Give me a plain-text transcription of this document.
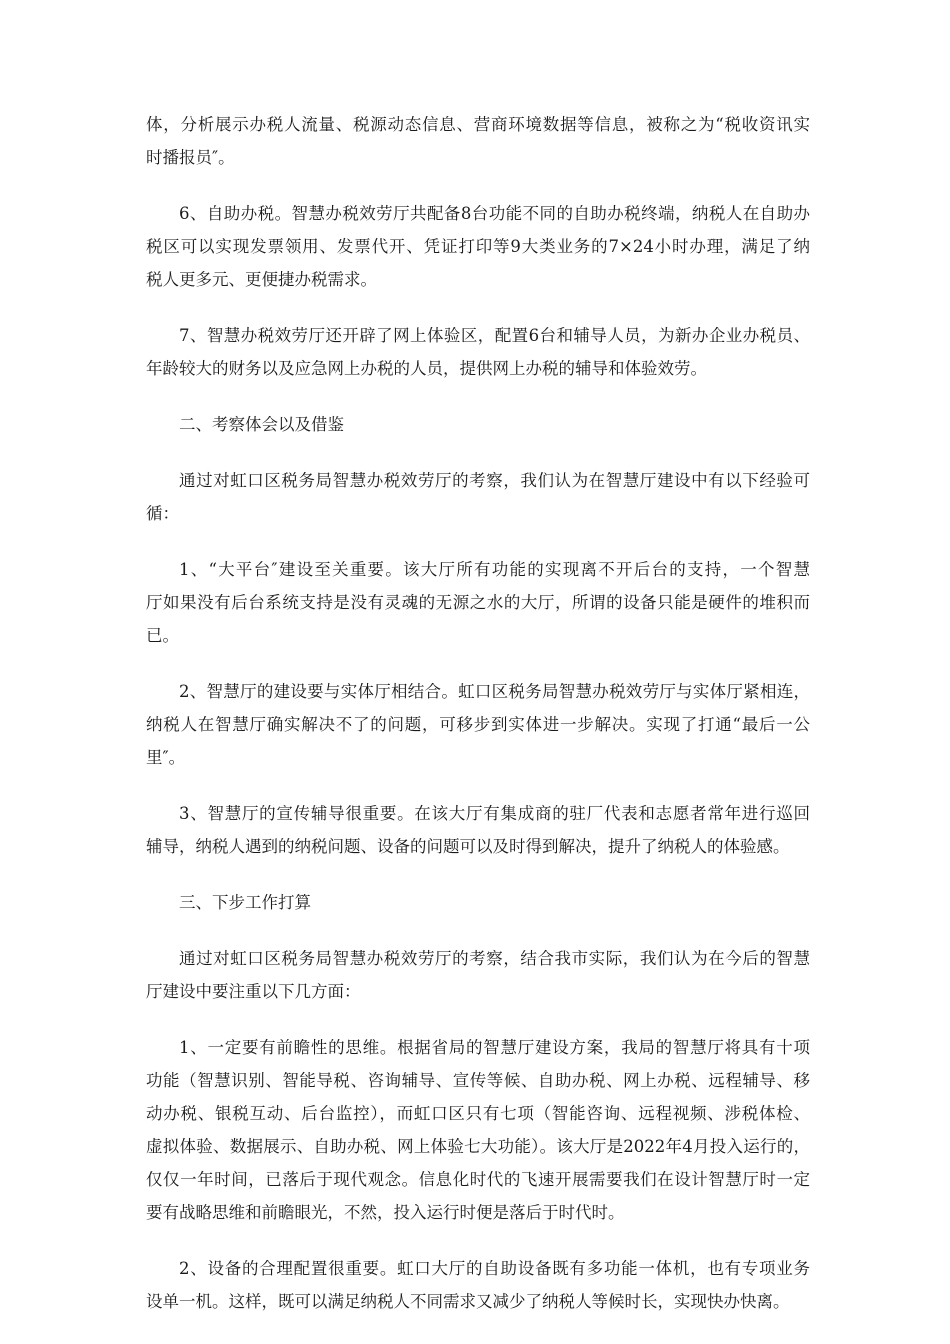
体，分析展示办税人流量、税源动态信息、营商环境数据等信息，被称之为“税收资讯实
时播报员″。
6、自助办税。智慧办税效劳厅共配备8台功能不同的自助办税终端，纳税人在自助办
税区可以实现发票领用、发票代开、凭证打印等9大类业务的7×24小时办理，满足了纳
税人更多元、更便捷办税需求。
7、智慧办税效劳厅还开辟了网上体验区，配置6台和辅导人员，为新办企业办税员、
年龄较大的财务以及应急网上办税的人员，提供网上办税的辅导和体验效劳。
二、考察体会以及借鉴
通过对虹口区税务局智慧办税效劳厅的考察，我们认为在智慧厅建设中有以下经验可
循：
1、“大平台″建设至关重要。该大厅所有功能的实现离不开后台的支持，一个智慧
厅如果没有后台系统支持是没有灵魂的无源之水的大厅，所谓的设备只能是硬件的堆积而
已。
2、智慧厅的建设要与实体厅相结合。虹口区税务局智慧办税效劳厅与实体厅紧相连，
纳税人在智慧厅确实解决不了的问题，可移步到实体进一步解决。实现了打通“最后一公
里″。
3、智慧厅的宣传辅导很重要。在该大厅有集成商的驻厂代表和志愿者常年进行巡回
辅导，纳税人遇到的纳税问题、设备的问题可以及时得到解决，提升了纳税人的体验感。
三、下步工作打算
通过对虹口区税务局智慧办税效劳厅的考察，结合我市实际，我们认为在今后的智慧
厅建设中要注重以下几方面：
1、一定要有前瞻性的思维。根据省局的智慧厅建设方案，我局的智慧厅将具有十项
功能（智慧识别、智能导税、咨询辅导、宣传等候、自助办税、网上办税、远程辅导、移
动办税、银税互动、后台监控），而虹口区只有七项（智能咨询、远程视频、涉税体检、
虚拟体验、数据展示、自助办税、网上体验七大功能）。该大厅是2022年4月投入运行的，
仅仅一年时间，已落后于现代观念。信息化时代的飞速开展需要我们在设计智慧厅时一定
要有战略思维和前瞻眼光，不然，投入运行时便是落后于时代时。
2、设备的合理配置很重要。虹口大厅的自助设备既有多功能一体机，也有专项业务
设单一机。这样，既可以满足纳税人不同需求又减少了纳税人等候时长，实现快办快离。
